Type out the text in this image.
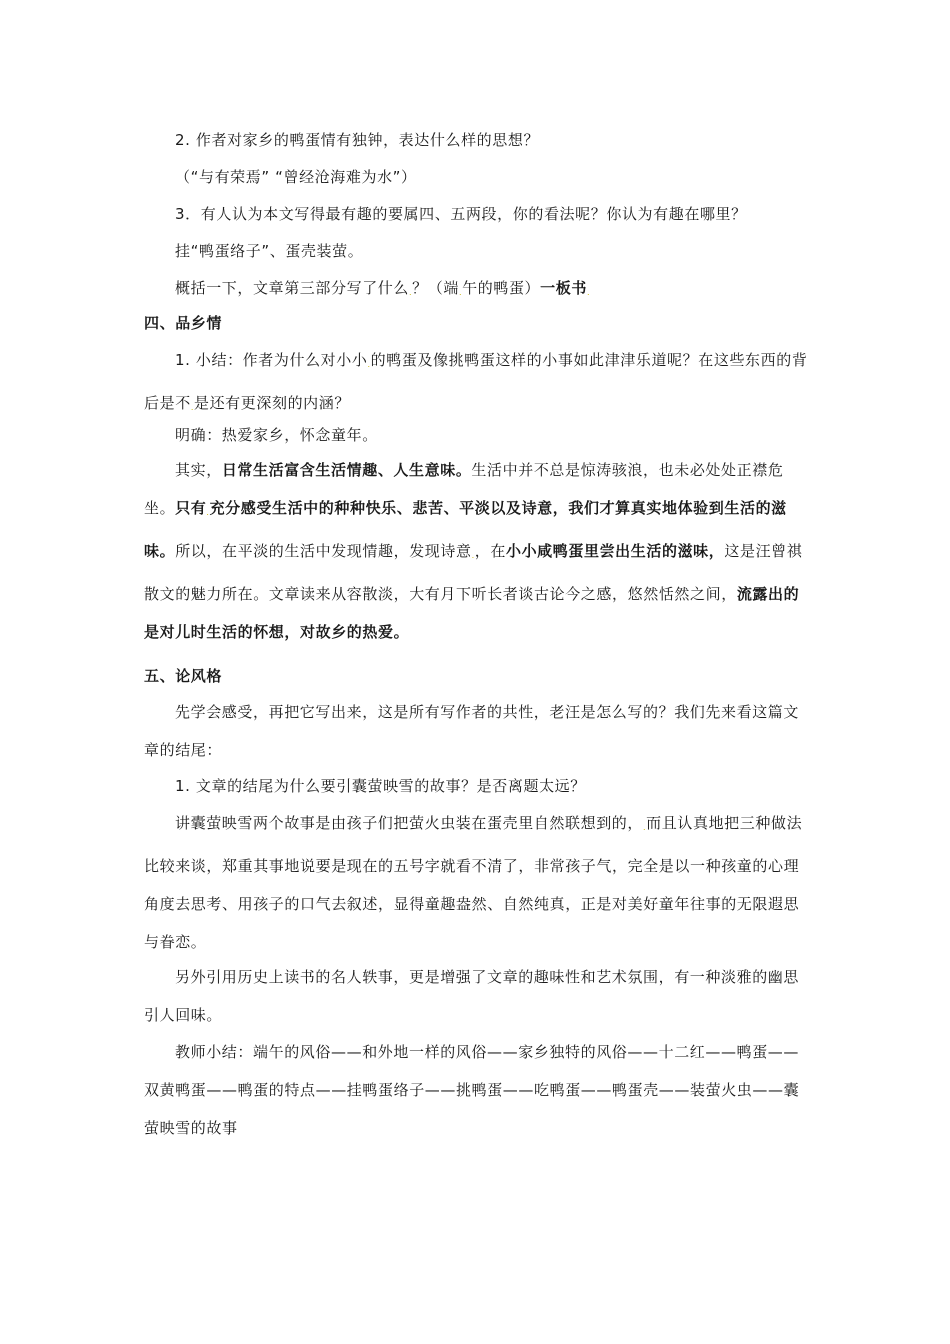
2. 作者对家乡的鸭蛋情有独钟，表达什么样的思想？

（“与有荣焉” “曾经沧海难为水”）

3．有人认为本文写得最有趣的要属四、五两段，你的看法呢？你认为有趣在哪里？

挂“鸭蛋络子”、蛋壳装萤。

概括一下，文章第三部分写了什么.？（端.午的鸭蛋）一板书.

四、品乡情

1. 小结：作者为什么对小小.的鸭蛋及像挑鸭蛋这样的小事如此津津乐道呢？在这些东西的背后是不.是还有更深刻的内涵？

明确：热爱家乡，怀念童年。

其实，日常生活富含生活情趣、人生意味。生活中并不总是惊涛骇浪，也未必处处正襟危坐。只有.充分感受生活中的种种快乐、悲苦、平淡以及诗意，我们才算真实地体验到生活的滋味。所以，在平淡的生活中发现情趣，发现诗意.，在小小咸鸭蛋里尝出生活的滋味，这是汪曾祺散文的魅力所在。文章读来从容散淡，大有月下听长者谈古论今之感，悠然恬然之间，流露出的是对儿时生活的怀想，对故乡的热爱。

五、论风格

先学会感受，再把它写出来，这是所有写作者的共性，老汪是怎么写的？我们先来看这篇文章的结尾：

1. 文章的结尾为什么要引囊萤映雪的故事？是否离题太远？

讲囊萤映雪两个故事是由孩子们把萤火虫装在蛋壳里自然联想到的，.而且认真地把三种做法比较来谈，郑重其事地说要是现在的五号字就看不清了，非常孩子气，完全是以一种孩童的心理角度去思考、用孩子的口气去叙述，显得童趣盎然、自然纯真，正是对美好童年往事的无限遐思与眷恋。

另外引用历史上读书的名人轶事，更是增强了文章的趣味性和艺术氛围，有一种淡雅的幽思引人回味。

教师小结：端午的风俗——和外地一样的风俗——家乡独特的风俗——十二红——鸭蛋——双黄鸭蛋——鸭蛋的特点——挂鸭蛋络子——挑鸭蛋——吃鸭蛋——鸭蛋壳——装萤火虫——囊萤映雪的故事
